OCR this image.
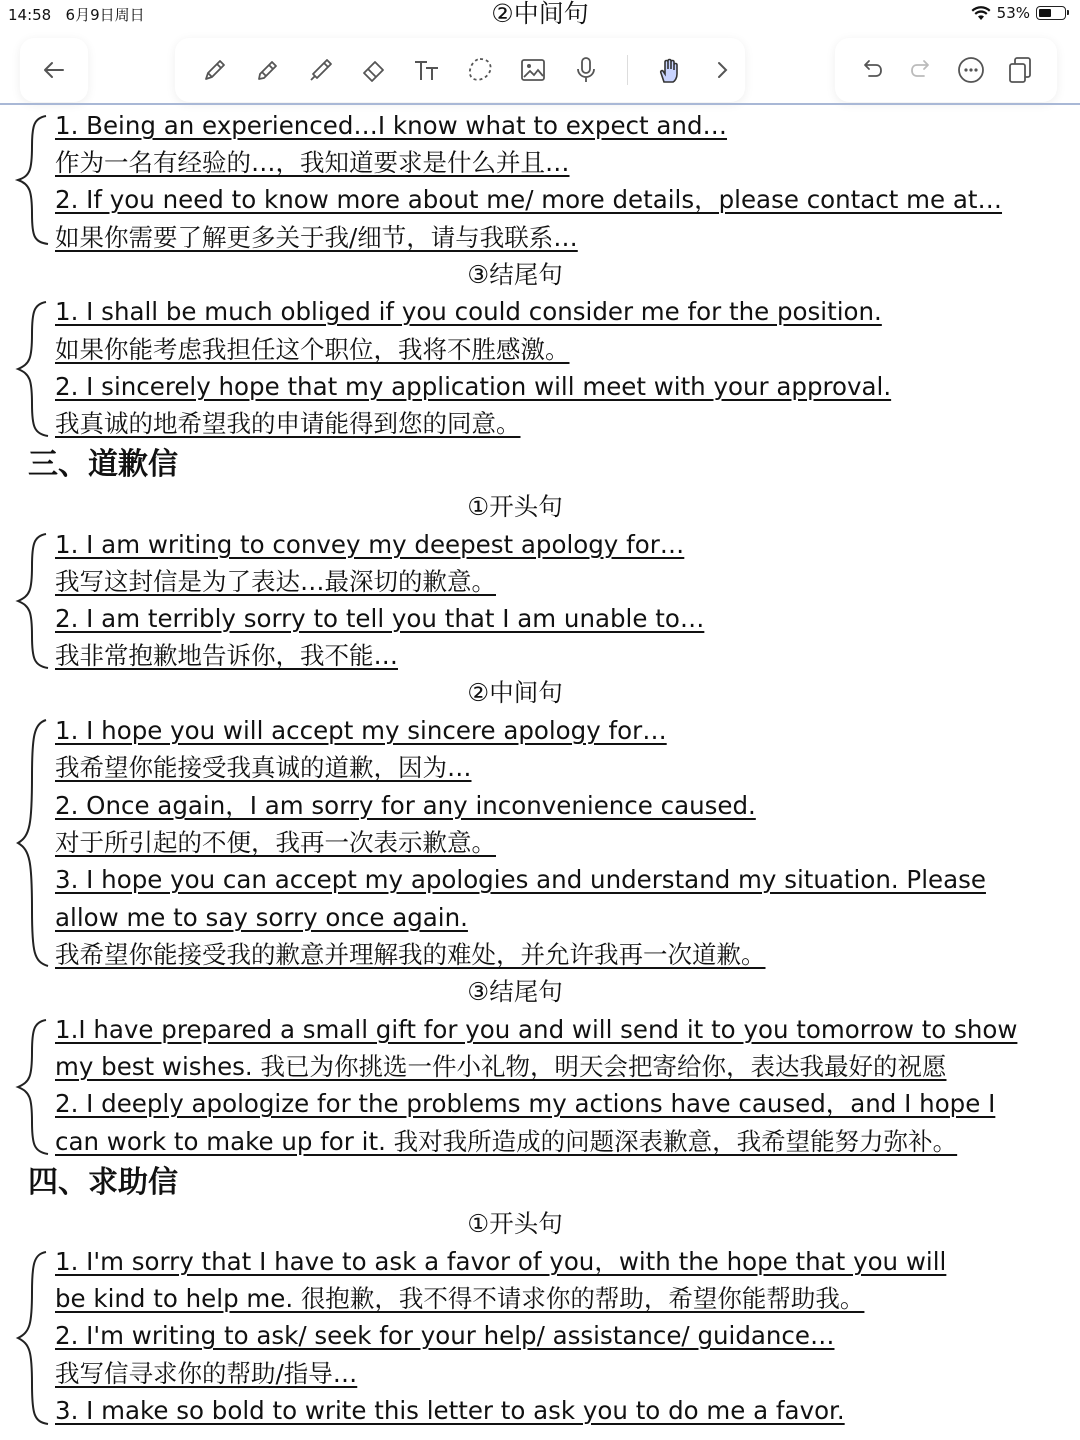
14:58 6月9日周日	②中间句	53%
1. Being an experienced…I know what to expect and…
作为一名有经验的…，我知道要求是什么并且…
2. If you need to know more about me/ more details，please contact me at…
如果你需要了解更多关于我/细节，请与我联系…
③结尾句
1. I shall be much obliged if you could consider me for the position.
如果你能考虑我担任这个职位，我将不胜感激。
2. I sincerely hope that my application will meet with your approval.
我真诚的地希望我的申请能得到您的同意。
三、道歉信
①开头句
1. I am writing to convey my deepest apology for…
我写这封信是为了表达…最深切的歉意。
2. I am terribly sorry to tell you that I am unable to…
我非常抱歉地告诉你，我不能…
②中间句
1. I hope you will accept my sincere apology for…
我希望你能接受我真诚的道歉，因为…
2. Once again，I am sorry for any inconvenience caused.
对于所引起的不便，我再一次表示歉意。
3. I hope you can accept my apologies and understand my situation. Please
allow me to say sorry once again.
我希望你能接受我的歉意并理解我的难处，并允许我再一次道歉。
③结尾句
1.I have prepared a small gift for you and will send it to you tomorrow to show
my best wishes. 我已为你挑选一件小礼物，明天会把寄给你，表达我最好的祝愿
2. I deeply apologize for the problems my actions have caused，and I hope I
can work to make up for it. 我对我所造成的问题深表歉意，我希望能努力弥补。
四、求助信
①开头句
1. I'm sorry that I have to ask a favor of you，with the hope that you will
be kind to help me. 很抱歉，我不得不请求你的帮助，希望你能帮助我。
2. I'm writing to ask/ seek for your help/ assistance/ guidance…
我写信寻求你的帮助/指导…
3. I make so bold to write this letter to ask you to do me a favor.
